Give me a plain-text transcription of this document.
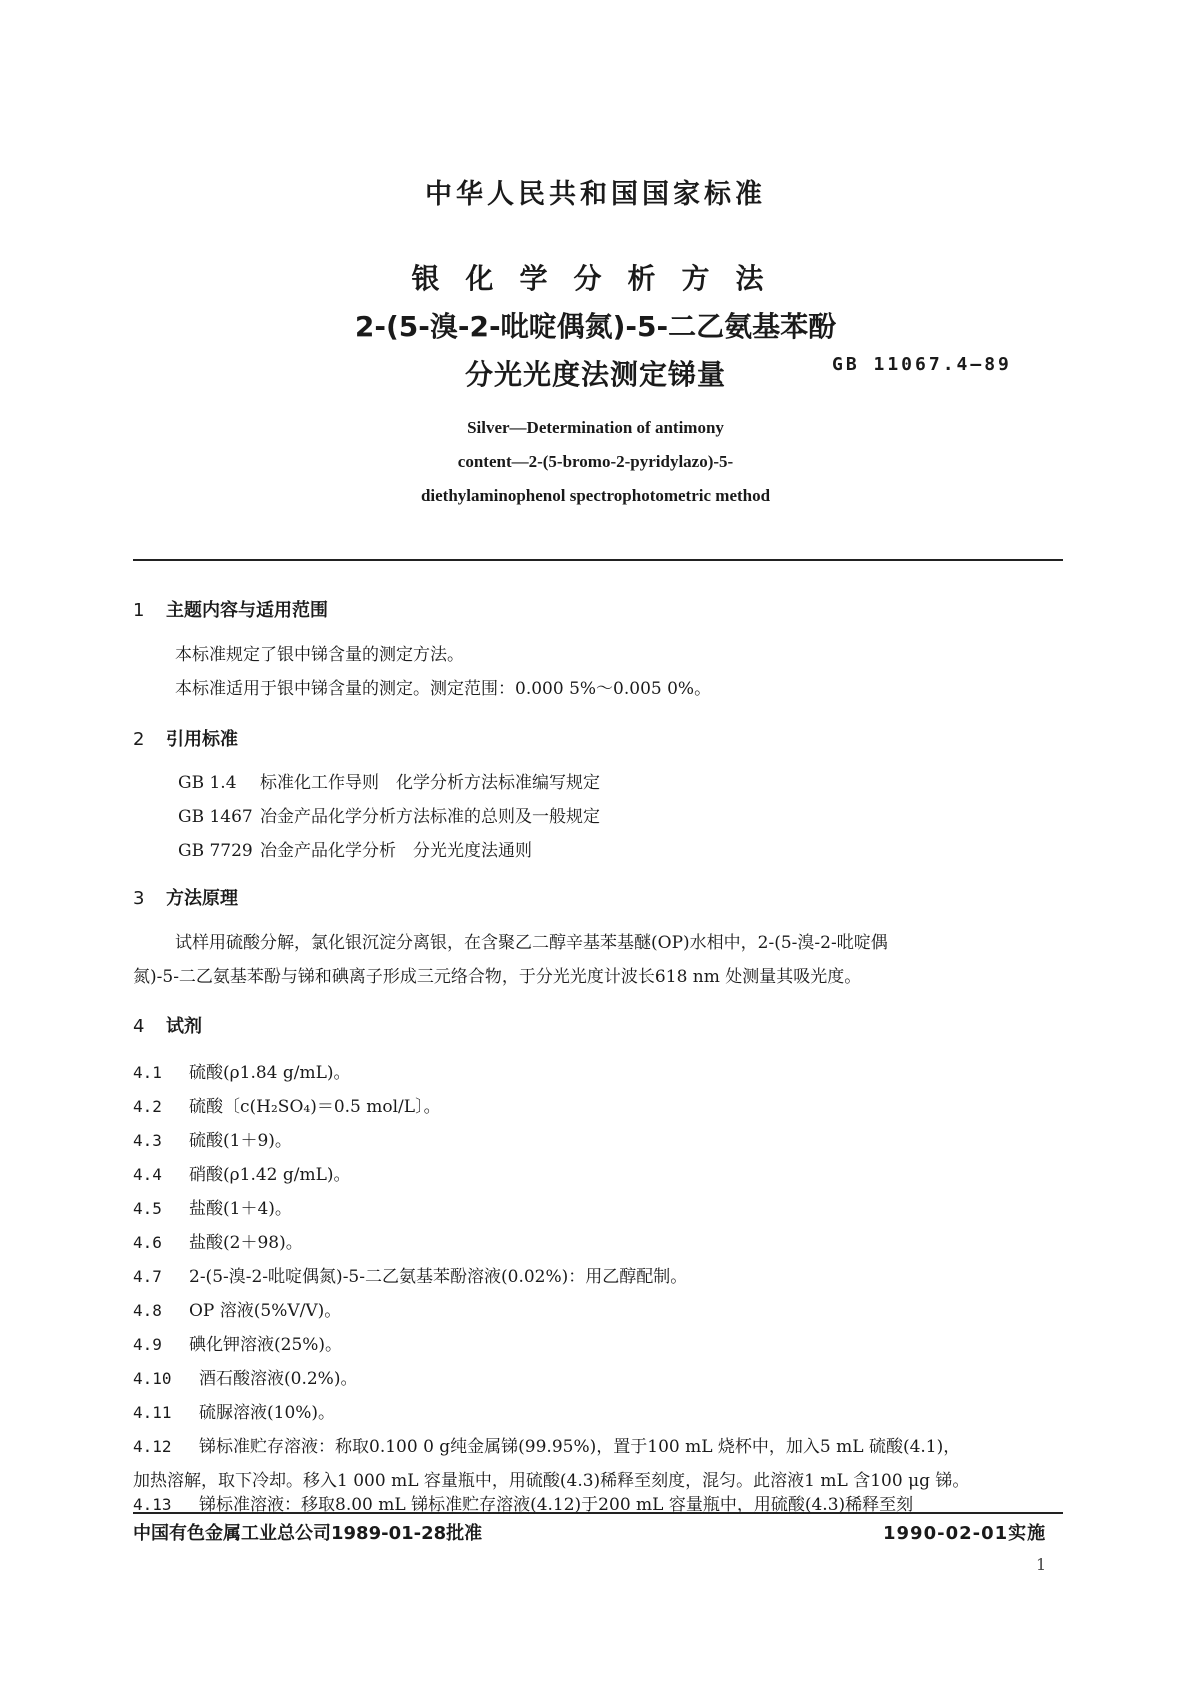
中华人民共和国国家标准
银化学分析方法
2-(5-溴-2-吡啶偶氮)-5-二乙氨基苯酚
分光光度法测定锑量	GB 11067.4—89
Silver—Determination of antimony
content—2-(5-bromo-2-pyridylazo)-5-
diethylaminophenol spectrophotometric method
1 主题内容与适用范围
本标准规定了银中锑含量的测定方法。
本标准适用于银中锑含量的测定。测定范围：0.000 5%～0.005 0%。
2 引用标准
GB 1.4 标准化工作导则　化学分析方法标准编写规定
GB 1467 冶金产品化学分析方法标准的总则及一般规定
GB 7729 冶金产品化学分析　分光光度法通则
3 方法原理
试样用硫酸分解，氯化银沉淀分离银，在含聚乙二醇辛基苯基醚(OP)水相中，2-(5-溴-2-吡啶偶
氮)-5-二乙氨基苯酚与锑和碘离子形成三元络合物，于分光光度计波长618 nm 处测量其吸光度。
4 试剂
4.1 硫酸(ρ1.84 g/mL)。
4.2 硫酸〔c(H₂SO₄)＝0.5 mol/L〕。
4.3 硫酸(1＋9)。
4.4 硝酸(ρ1.42 g/mL)。
4.5 盐酸(1＋4)。
4.6 盐酸(2＋98)。
4.7 2-(5-溴-2-吡啶偶氮)-5-二乙氨基苯酚溶液(0.02%)：用乙醇配制。
4.8 OP 溶液(5%V/V)。
4.9 碘化钾溶液(25%)。
4.10 酒石酸溶液(0.2%)。
4.11 硫脲溶液(10%)。
4.12 锑标准贮存溶液：称取0.100 0 g纯金属锑(99.95%)，置于100 mL 烧杯中，加入5 mL 硫酸(4.1)，
加热溶解，取下冷却。移入1 000 mL 容量瓶中，用硫酸(4.3)稀释至刻度，混匀。此溶液1 mL 含100 μg 锑。
4.13 锑标准溶液：移取8.00 mL 锑标准贮存溶液(4.12)于200 mL 容量瓶中，用硫酸(4.3)稀释至刻
中国有色金属工业总公司1989-01-28批准	1990-02-01实施
1
